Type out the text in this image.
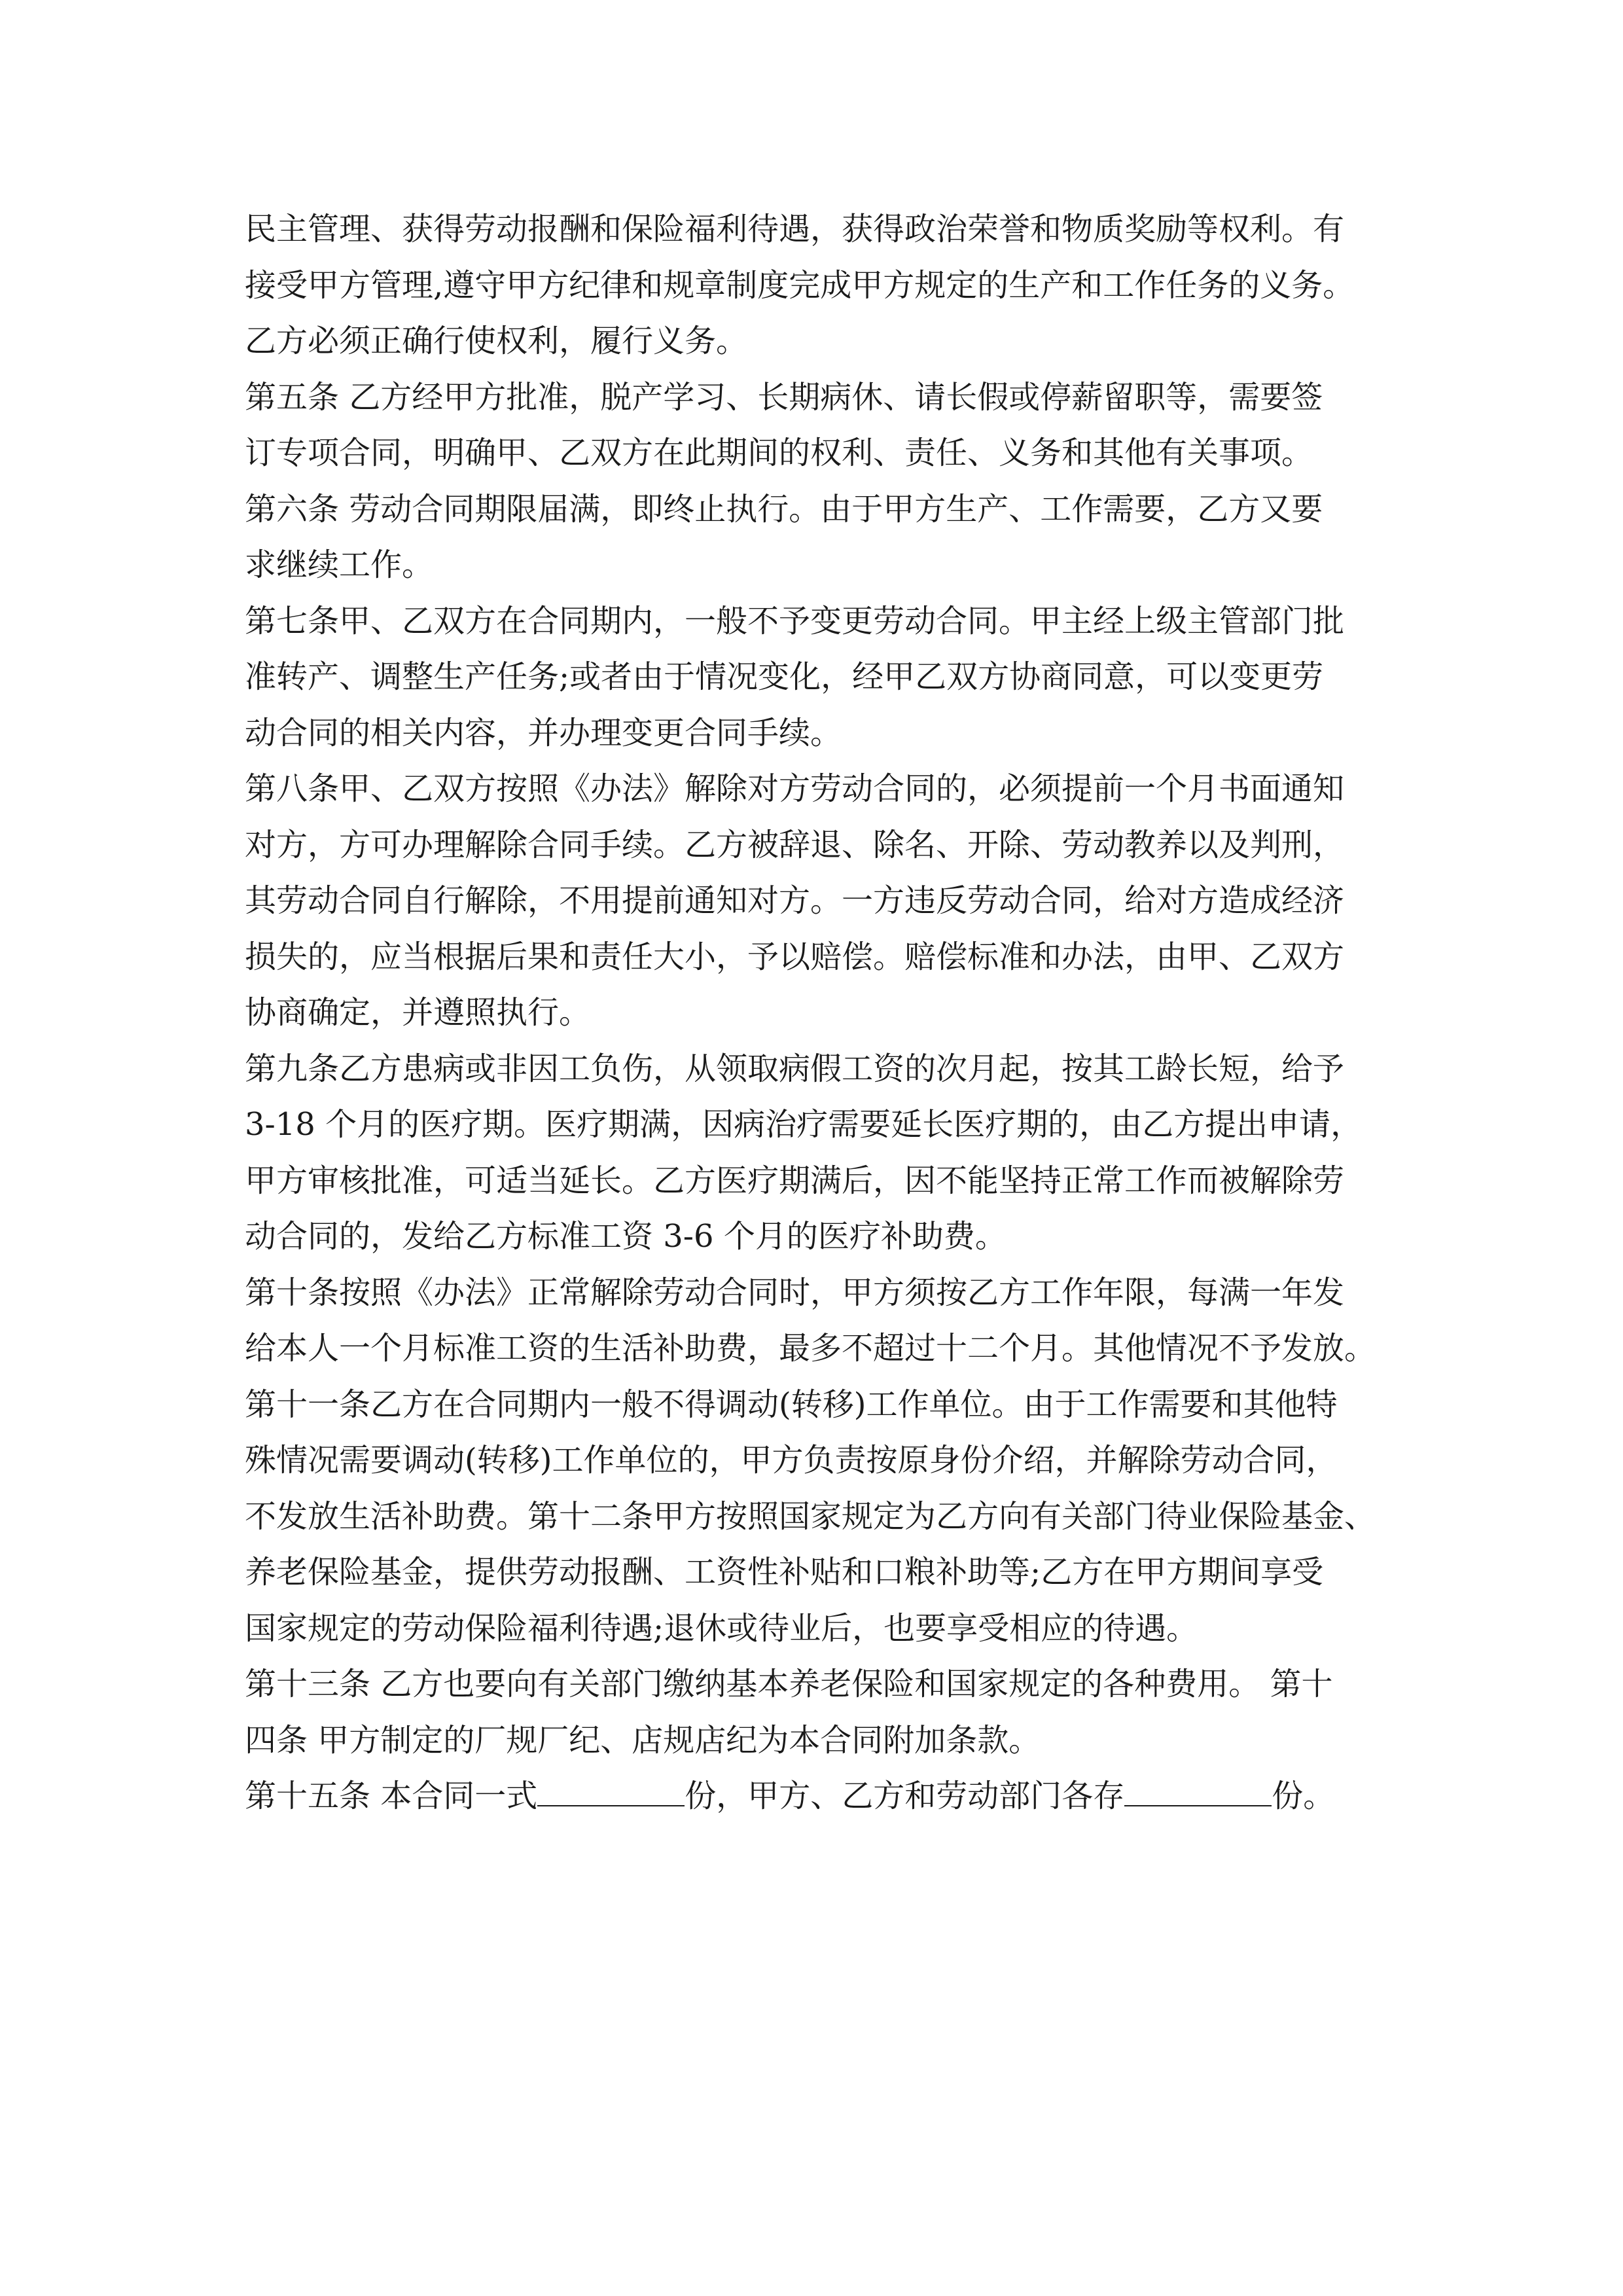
民主管理、获得劳动报酬和保险福利待遇，获得政治荣誉和物质奖励等权利。有
接受甲方管理,遵守甲方纪律和规章制度完成甲方规定的生产和工作任务的义务。
乙方必须正确行使权利，履行义务。
第五条 乙方经甲方批准，脱产学习、长期病休、请长假或停薪留职等，需要签
订专项合同，明确甲、乙双方在此期间的权利、责任、义务和其他有关事项。
第六条 劳动合同期限届满，即终止执行。由于甲方生产、工作需要，乙方又要
求继续工作。
第七条甲、乙双方在合同期内，一般不予变更劳动合同。甲主经上级主管部门批
准转产、调整生产任务;或者由于情况变化，经甲乙双方协商同意，可以变更劳
动合同的相关内容，并办理变更合同手续。
第八条甲、乙双方按照《办法》解除对方劳动合同的，必须提前一个月书面通知
对方，方可办理解除合同手续。乙方被辞退、除名、开除、劳动教养以及判刑，
其劳动合同自行解除，不用提前通知对方。一方违反劳动合同，给对方造成经济
损失的，应当根据后果和责任大小，予以赔偿。赔偿标准和办法，由甲、乙双方
协商确定，并遵照执行。
第九条乙方患病或非因工负伤，从领取病假工资的次月起，按其工龄长短，给予
3-18 个月的医疗期。医疗期满，因病治疗需要延长医疗期的，由乙方提出申请，
甲方审核批准，可适当延长。乙方医疗期满后，因不能坚持正常工作而被解除劳
动合同的，发给乙方标准工资 3-6 个月的医疗补助费。
第十条按照《办法》正常解除劳动合同时，甲方须按乙方工作年限，每满一年发
给本人一个月标准工资的生活补助费，最多不超过十二个月。其他情况不予发放。
第十一条乙方在合同期内一般不得调动(转移)工作单位。由于工作需要和其他特
殊情况需要调动(转移)工作单位的，甲方负责按原身份介绍，并解除劳动合同，
不发放生活补助费。第十二条甲方按照国家规定为乙方向有关部门待业保险基金、
养老保险基金，提供劳动报酬、工资性补贴和口粮补助等;乙方在甲方期间享受
国家规定的劳动保险福利待遇;退休或待业后，也要享受相应的待遇。
第十三条 乙方也要向有关部门缴纳基本养老保险和国家规定的各种费用。 第十
四条 甲方制定的厂规厂纪、店规店纪为本合同附加条款。
第十五条 本合同一式	份，甲方、乙方和劳动部门各存	份。
